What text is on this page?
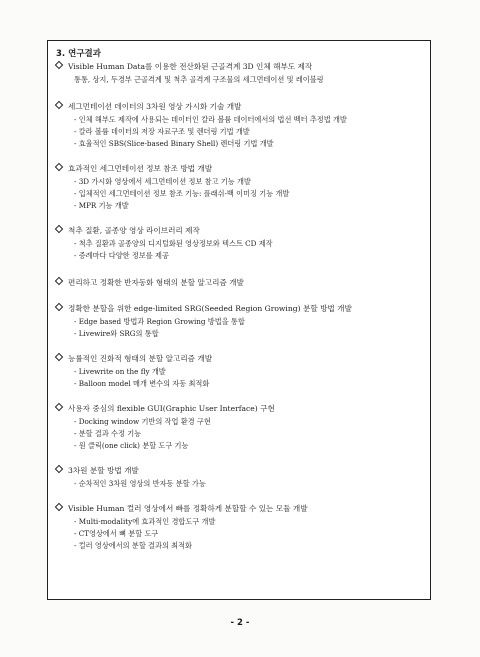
3. 연구결과
Visible Human Data를 이용한 전산화된 근골격계 3D 인체 해부도 제작
통통, 상지, 두경부 근골격계 및 척추 골격계 구조물의 세그먼테이션 및 레이블링
세그먼테이션 데이터의 3차원 영상 가시화 기술 개발
- 인체 해부도 제작에 사용되는 데이터인 칼라 볼륨 데이터에서의 법선 벡터 추정법 개발
- 칼라 볼륨 데이터의 저장 자료구조 및 렌더링 기법 개발
- 효율적인 SBS(Slice-based Binary Shell) 렌더링 기법 개발
효과적인 세그먼테이션 정보 참조 방법 개발
- 3D 가시화 영상에서 세그먼테이션 정보 참고 기능 개발
- 입체적인 세그먼테이션 정보 참조 기능: 플래쉬-백 이미징 기능 개발
- MPR 기능 개발
척추 질환, 골종양 영상 라이브러리 제작
- 척추 질환과 골종양의 디지털화된 영상정보와 텍스트 CD 제작
- 증례마다 다양한 정보를 제공
편리하고 정확한 반자동화 형태의 분할 알고리즘 개발
정확한 분할을 위한 edge-limited SRG(Seeded Region Growing) 분할 방법 개발
- Edge based 방법과 Region Growing 방법을 통합
- Livewire와 SRG의 통합
능률적인 진화적 형태의 분할 알고리즘 개발
- Livewrite on the fly 개발
- Balloon model 매개 변수의 자동 최적화
사용자 중심의 flexible GUI(Graphic User Interface) 구현
- Docking window 기반의 작업 환경 구현
- 분할 결과 수정 기능
- 원 클릭(one click) 분할 도구 기능
3차원 분할 방법 개발
- 순차적인 3차원 영상의 반자동 분할 가능
Visible Human 컬러 영상에서 빠를 정확하게 분할할 수 있는 모듈 개발
- Multi-modality에 효과적인 경합도구 개발
- CT영상에서 뼈 분할 도구
- 컬러 영상에서의 분할 결과의 최적화
- 2 -
